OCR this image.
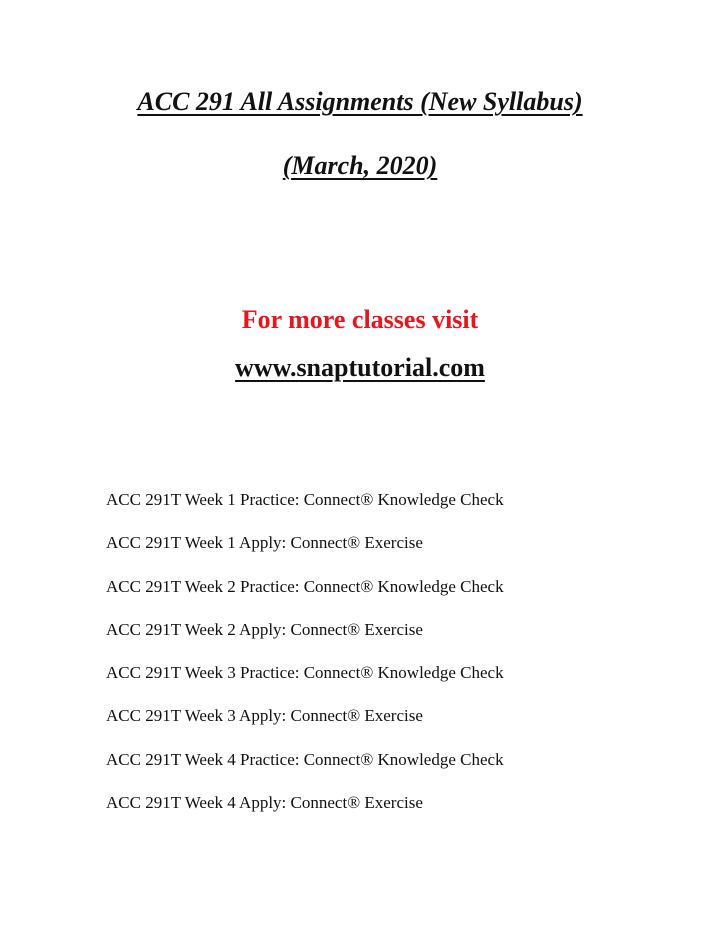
ACC 291 All Assignments (New Syllabus)
(March, 2020)
For more classes visit
www.snaptutorial.com
ACC 291T Week 1 Practice: Connect® Knowledge Check
ACC 291T Week 1 Apply: Connect® Exercise
ACC 291T Week 2 Practice: Connect® Knowledge Check
ACC 291T Week 2 Apply: Connect® Exercise
ACC 291T Week 3 Practice: Connect® Knowledge Check
ACC 291T Week 3 Apply: Connect® Exercise
ACC 291T Week 4 Practice: Connect® Knowledge Check
ACC 291T Week 4 Apply: Connect® Exercise
